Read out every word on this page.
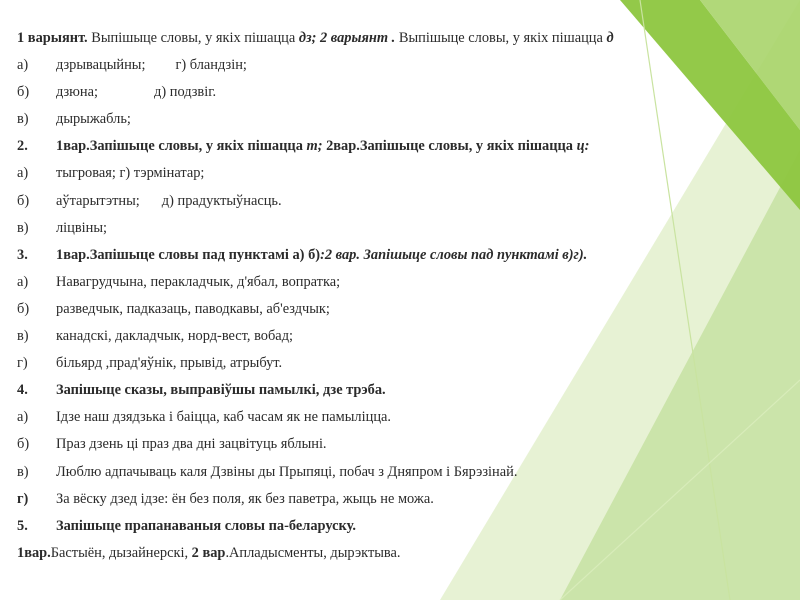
1 варыянт. Выпішыце словы, у якіх пішацца дз; 2 варыянт . Выпішыце словы, у якіх пішацца д
а) дзрывацыйны; г) бландзін;
б) дзюна;	д) подзвіг.
в) дырыжабль;
2. 1вар.Запішыце словы, у якіх пішацца т; 2вар.Запішыце словы, у якіх пішацца ц:
а) тыгровая; г) тэрмінатар;
б) аўтарытэтны; д) прадуктыўнасць.
в) ліцвіны;
3. 1вар.Запішыце словы пад пунктамі а) б):2 вар. Запішыце словы пад пунктамі в)г).
а) Навагрудчына, перакладчык, д'ябал, вопратка;
б) разведчык, падказаць, паводкавы, аб'ездчык;
в) канадскі, дакладчык, норд-вест, вобад;
г) більярд ,прад'яўнік, прывід, атрыбут.
4. Запішыце сказы, выправіўшы памылкі, дзе трэба.
а) Ідзе наш дзядзька і баіцца, каб часам як не памыліцца.
б) Праз дзень ці праз два дні зацвітуць яблыні.
в) Люблю адпачываць каля Дзвіны ды Прыпяці, побач з Дняпром і Бярэзінай.
г) За вёску дзед ідзе: ён без поля, як без паветра, жыць не можа.
5. Запішыце прапанаваныя словы па-беларуску.
1вар.Бастыён, дызайнерскі, 2 вар.Апладысменты, дырэктыва.
